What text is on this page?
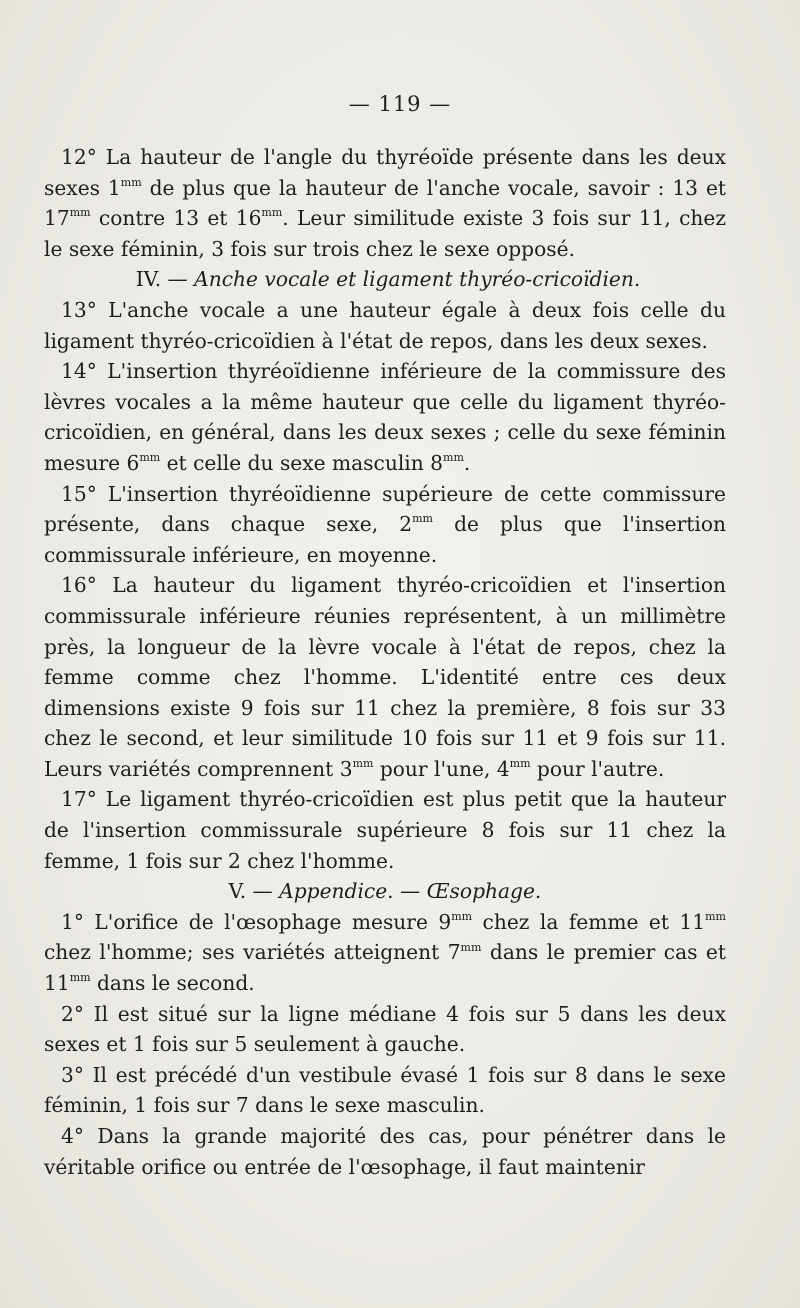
— 119 —

12° La hauteur de l'angle du thyréoïde présente dans les deux sexes $1^{mm}$ de plus que la hauteur de l'anche vocale, savoir : 13 et $17^{mm}$ contre 13 et $16^{mm}$. Leur similitude existe 3 fois sur 11, chez le sexe féminin, 3 fois sur trois chez le sexe opposé.

IV. — Anche vocale et ligament thyréo-cricoïdien.

13° L'anche vocale a une hauteur égale à deux fois celle du ligament thyréo-cricoïdien à l'état de repos, dans les deux sexes.

14° L'insertion thyréoïdienne inférieure de la commissure des lèvres vocales a la même hauteur que celle du ligament thyréo-cricoïdien, en général, dans les deux sexes ; celle du sexe féminin mesure $6^{mm}$ et celle du sexe masculin $8^{mm}$.

15° L'insertion thyréoïdienne supérieure de cette commissure présente, dans chaque sexe, $2^{mm}$ de plus que l'insertion commissurale inférieure, en moyenne.

16° La hauteur du ligament thyréo-cricoïdien et l'insertion commissurale inférieure réunies représentent, à un millimètre près, la longueur de la lèvre vocale à l'état de repos, chez la femme comme chez l'homme. L'identité entre ces deux dimensions existe 9 fois sur 11 chez la première, 8 fois sur 33 chez le second, et leur similitude 10 fois sur 11 et 9 fois sur 11. Leurs variétés comprennent $3^{mm}$ pour l'une, $4^{mm}$ pour l'autre.

17° Le ligament thyréo-cricoïdien est plus petit que la hauteur de l'insertion commissurale supérieure 8 fois sur 11 chez la femme, 1 fois sur 2 chez l'homme.

V. — Appendice. — Œsophage.

1° L'orifice de l'œsophage mesure $9^{mm}$ chez la femme et $11^{mm}$ chez l'homme; ses variétés atteignent $7^{mm}$ dans le premier cas et $11^{mm}$ dans le second.

2° Il est situé sur la ligne médiane 4 fois sur 5 dans les deux sexes et 1 fois sur 5 seulement à gauche.

3° Il est précédé d'un vestibule évasé 1 fois sur 8 dans le sexe féminin, 1 fois sur 7 dans le sexe masculin.

4° Dans la grande majorité des cas, pour pénétrer dans le véritable orifice ou entrée de l'œsophage, il faut maintenir
